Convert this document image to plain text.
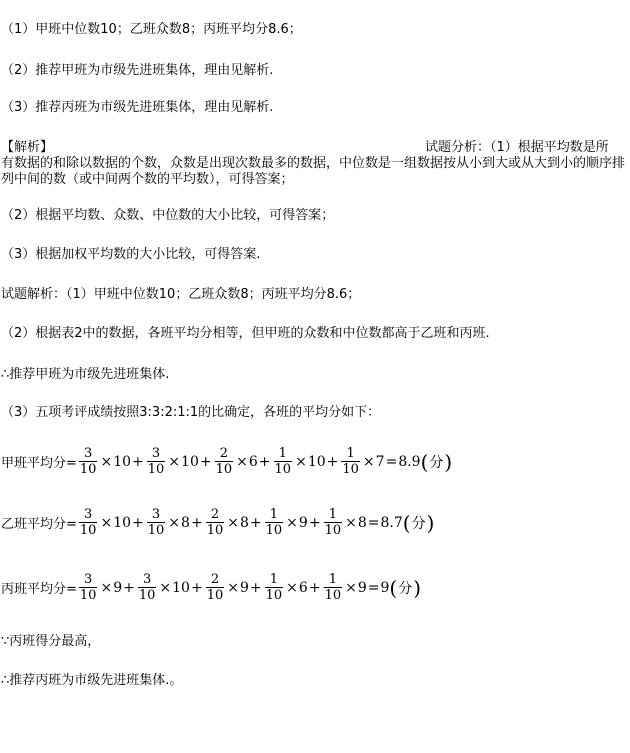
（1）甲班中位数10；乙班众数8；丙班平均分8.6；
（2）推荐甲班为市级先进班集体，理由见解析.
（3）推荐丙班为市级先进班集体，理由见解析.
【解析】	试题分析：（1）根据平均数是所
有数据的和除以数据的个数，众数是出现次数最多的数据，中位数是一组数据按从小到大或从大到小的顺序排列中间的数（或中间两个数的平均数），可得答案；
（2）根据平均数、众数、中位数的大小比较，可得答案；
（3）根据加权平均数的大小比较，可得答案.
试题解析：（1）甲班中位数10；乙班众数8；丙班平均分8.6；
（2）根据表2中的数据，各班平均分相等，但甲班的众数和中位数都高于乙班和丙班.
∴推荐甲班为市级先进班集体.
（3）五项考评成绩按照3:3:2:1:1的比确定，各班的平均分如下：
甲班平均分= $\frac{3}{10} \times 10 + \frac{3}{10} \times 10 + \frac{2}{10} \times 6 + \frac{1}{10} \times 10 + \frac{1}{10} \times 7 = 8.9$ ( 分 )
乙班平均分= $\frac{3}{10} \times 10 + \frac{3}{10} \times 8 + \frac{2}{10} \times 8 + \frac{1}{10} \times 9 + \frac{1}{10} \times 8 = 8.7$ ( 分 )
丙班平均分= $\frac{3}{10} \times 9 + \frac{3}{10} \times 10 + \frac{2}{10} \times 9 + \frac{1}{10} \times 6 + \frac{1}{10} \times 9 = 9$ ( 分 )
∵丙班得分最高，
∴推荐丙班为市级先进班集体.。
